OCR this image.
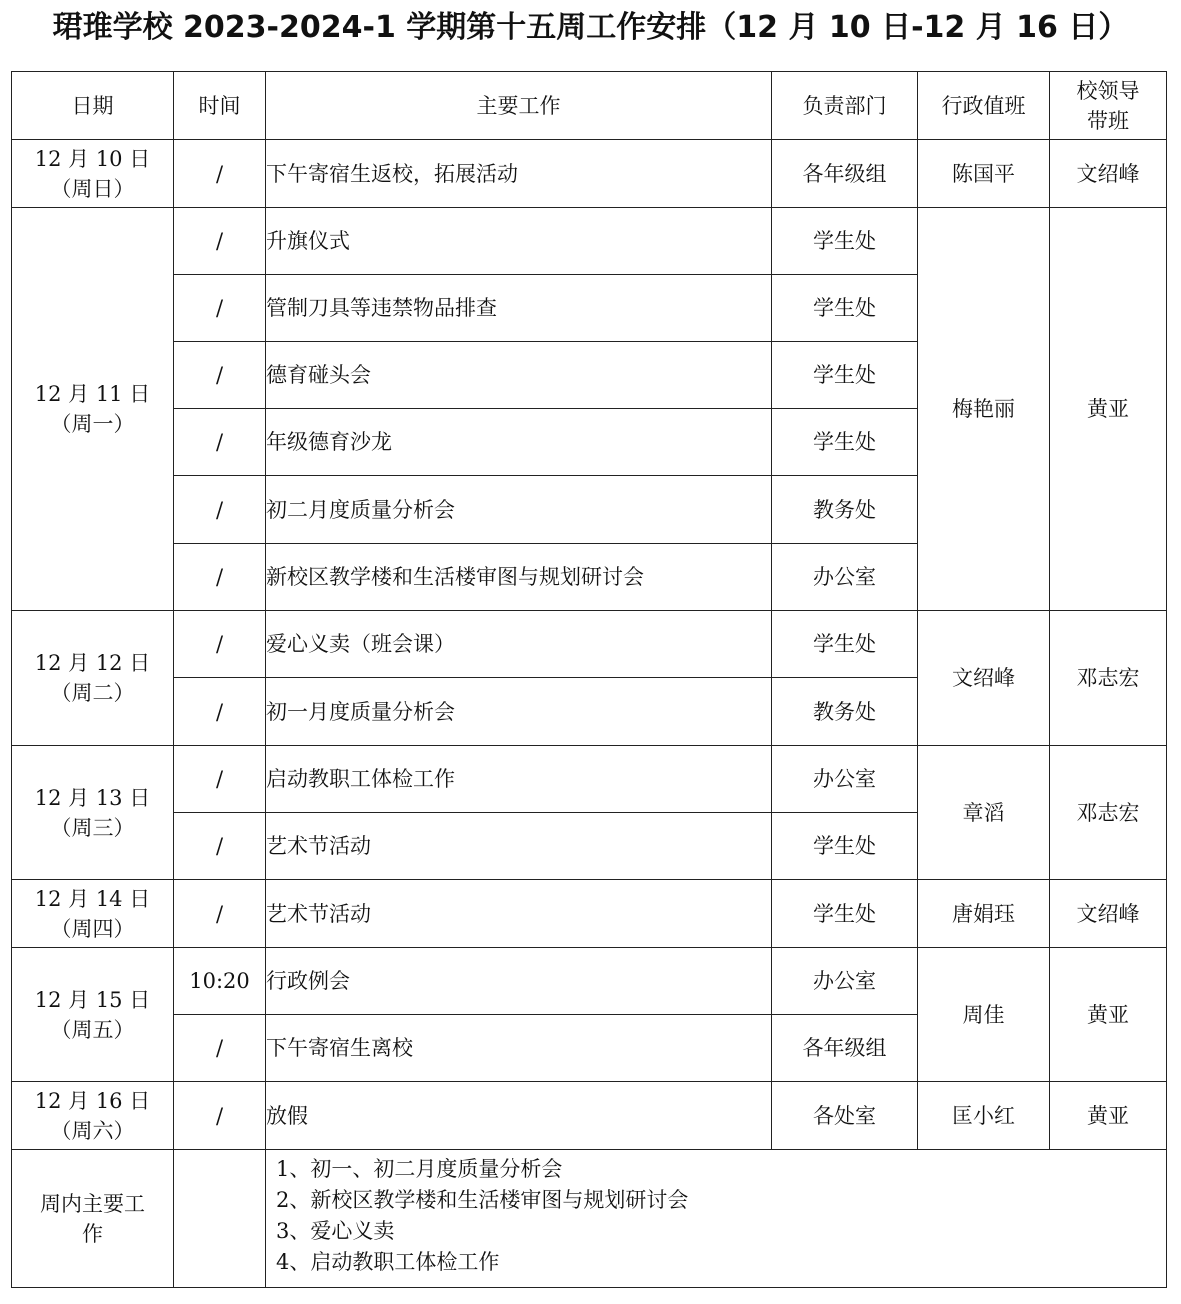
珺琟学校 2023-2024-1 学期第十五周工作安排（12 月 10 日-12 月 16 日）
日期	时间	主要工作	负责部门	行政值班	校领导
带班

12 月 10 日
（周日）	/	下午寄宿生返校，拓展活动	各年级组	陈国平	文绍峰

12 月 11 日
（周一）	/	升旗仪式	学生处	梅艳丽	黄亚
	/	管制刀具等违禁物品排查	学生处		
	/	德育碰头会	学生处		
	/	年级德育沙龙	学生处		
	/	初二月度质量分析会	教务处		
	/	新校区教学楼和生活楼审图与规划研讨会	办公室		

12 月 12 日
（周二）	/	爱心义卖（班会课）	学生处	文绍峰	邓志宏
	/	初一月度质量分析会	教务处		

12 月 13 日
（周三）	/	启动教职工体检工作	办公室	章滔	邓志宏
	/	艺术节活动	学生处		

12 月 14 日
（周四）	/	艺术节活动	学生处	唐娟珏	文绍峰

12 月 15 日
（周五）	10:20	行政例会	办公室	周佳	黄亚
	/	下午寄宿生离校	各年级组		

12 月 16 日
（周六）	/	放假	各处室	匡小红	黄亚

周内主要工
作		1、初一、初二月度质量分析会
2、新校区教学楼和生活楼审图与规划研讨会
3、爱心义卖
4、启动教职工体检工作			
